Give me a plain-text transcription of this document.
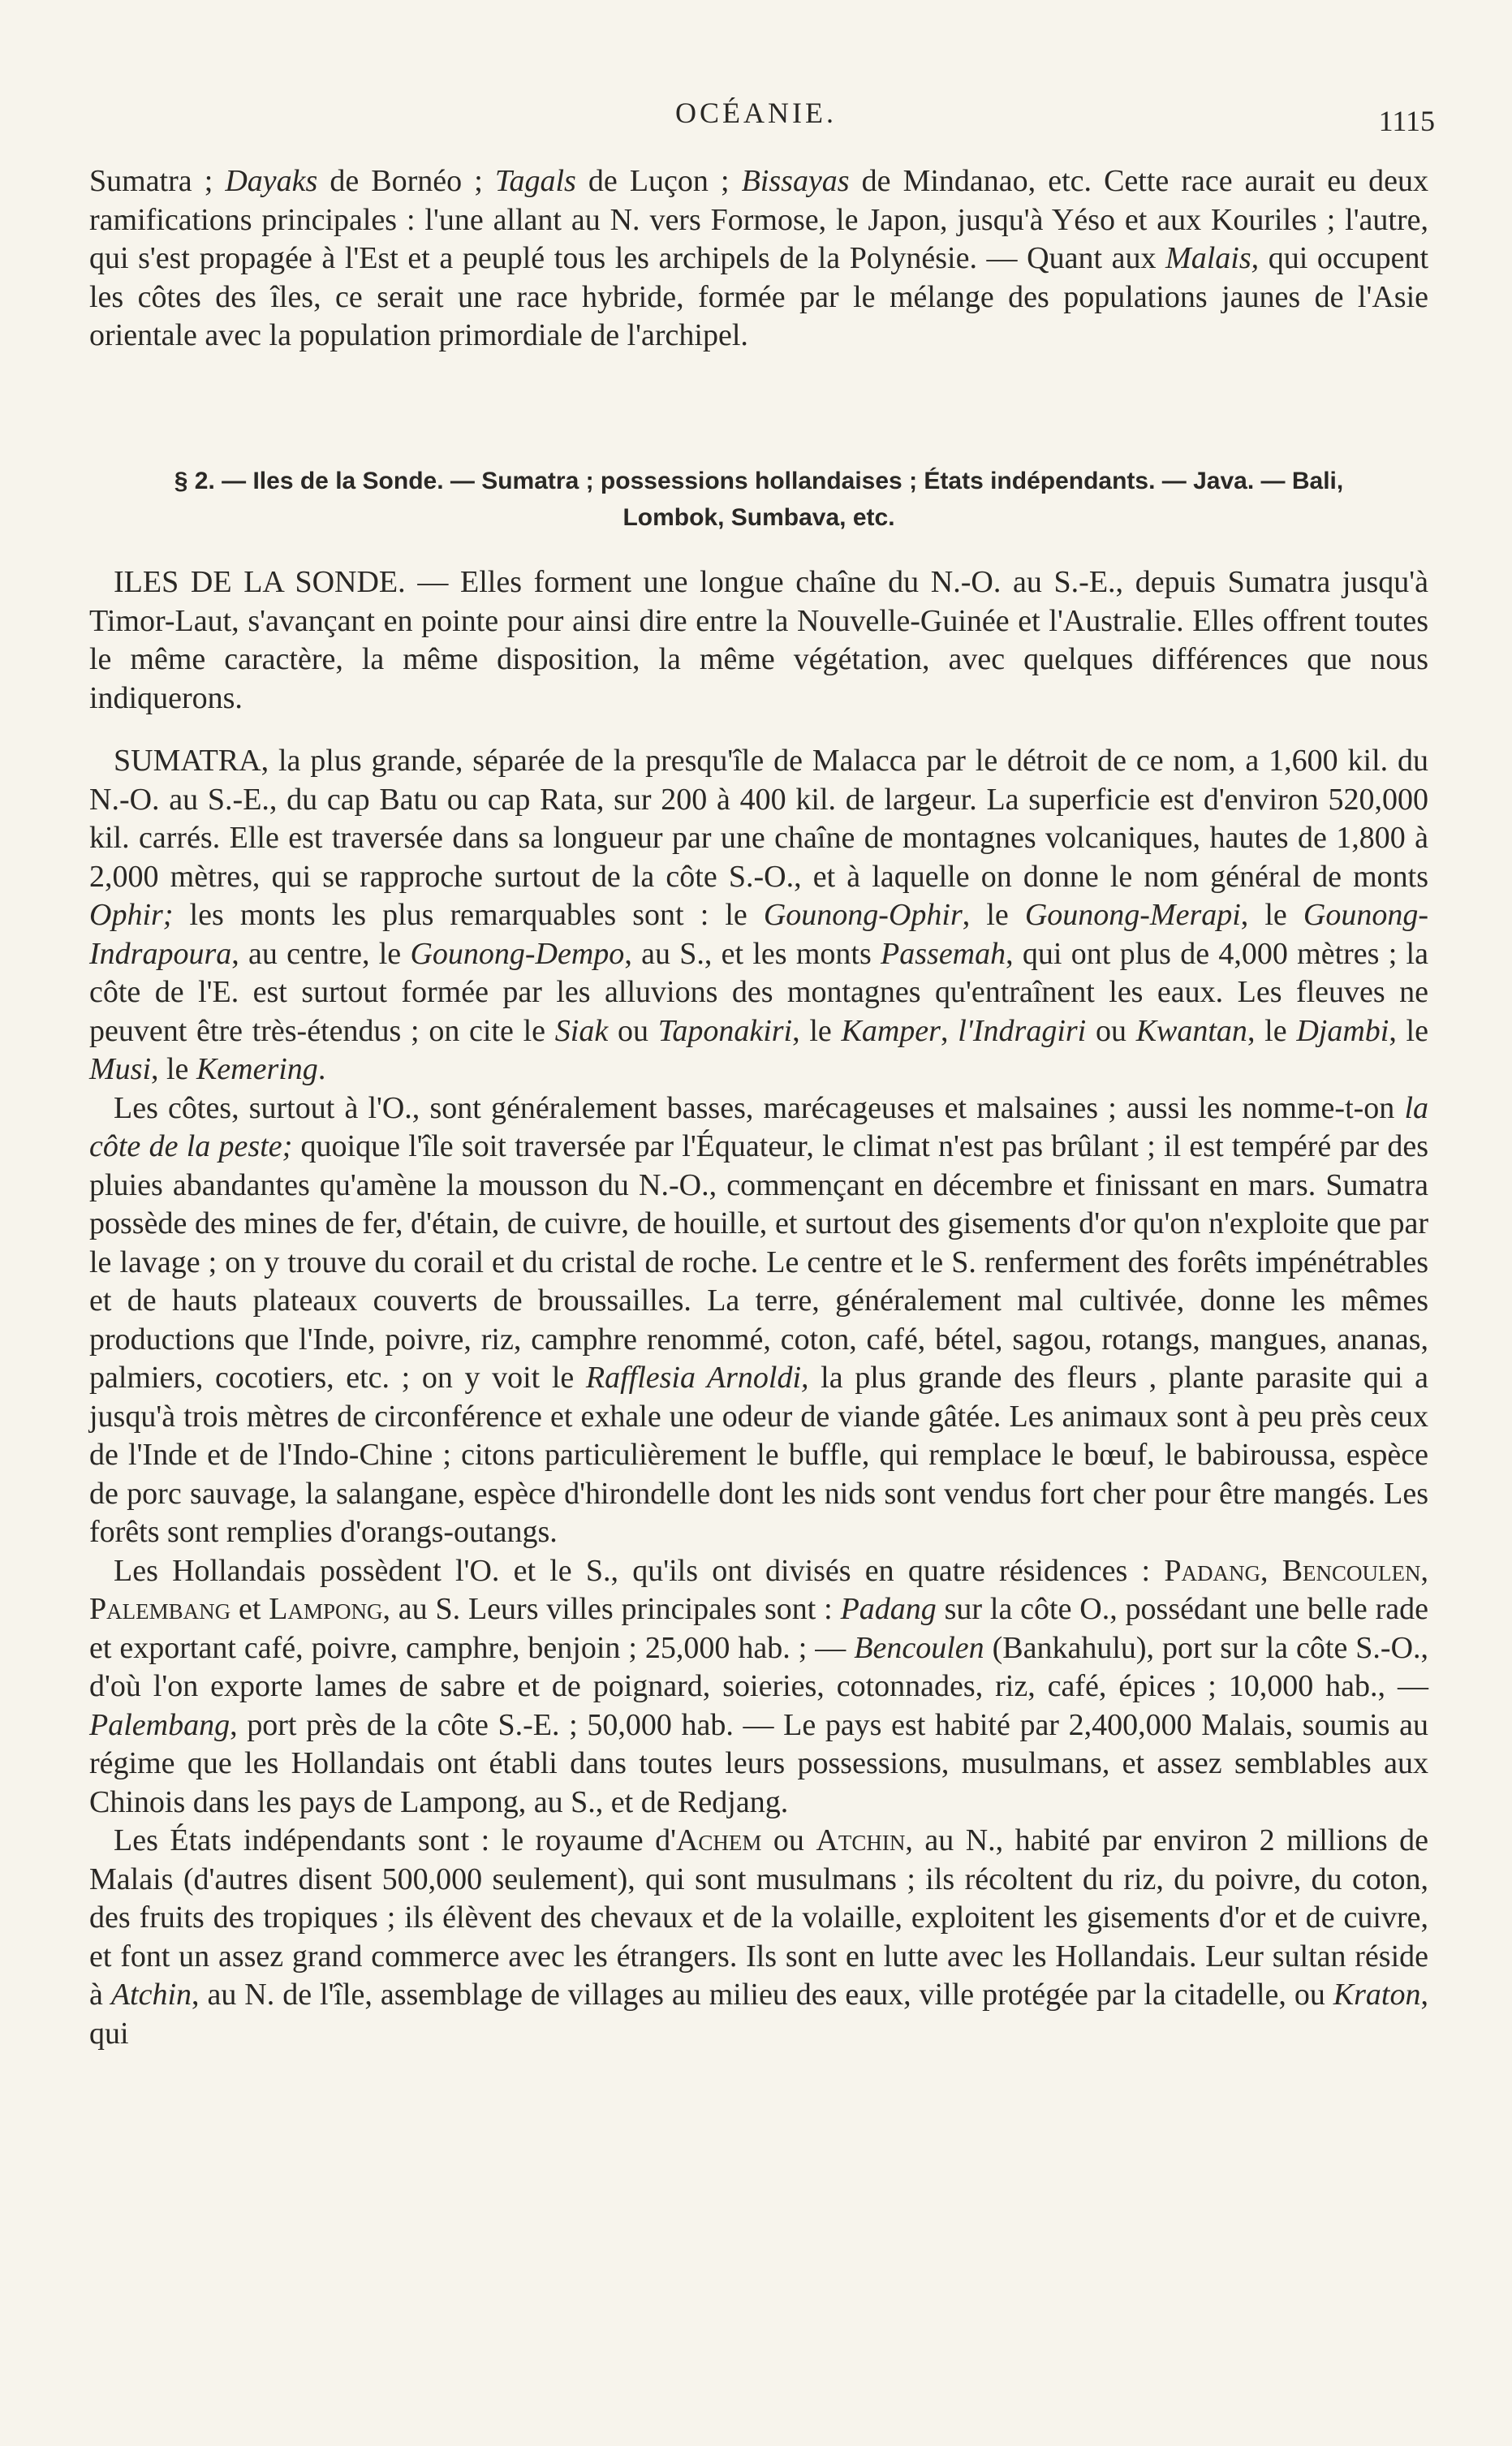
OCÉANIE.	1115

Sumatra ; Dayaks de Bornéo ; Tagals de Luçon ; Bissayas de Mindanao, etc. Cette race aurait eu deux ramifications principales : l'une allant au N. vers Formose, le Japon, jusqu'à Yéso et aux Kouriles ; l'autre, qui s'est propagée à l'Est et a peuplé tous les archipels de la Polynésie. — Quant aux Malais, qui occupent les côtes des îles, ce serait une race hybride, formée par le mélange des populations jaunes de l'Asie orientale avec la population primordiale de l'archipel.

§ 2. — Iles de la Sonde. — Sumatra ; possessions hollandaises ; États indépendants. — Java. — Bali,
Lombok, Sumbava, etc.

ILES DE LA SONDE. — Elles forment une longue chaîne du N.-O. au S.-E., depuis Sumatra jusqu'à Timor-Laut, s'avançant en pointe pour ainsi dire entre la Nouvelle-Guinée et l'Australie. Elles offrent toutes le même caractère, la même disposition, la même végétation, avec quelques différences que nous indiquerons.

SUMATRA, la plus grande, séparée de la presqu'île de Malacca par le détroit de ce nom, a 1,600 kil. du N.-O. au S.-E., du cap Batu ou cap Rata, sur 200 à 400 kil. de largeur. La superficie est d'environ 520,000 kil. carrés. Elle est traversée dans sa longueur par une chaîne de montagnes volcaniques, hautes de 1,800 à 2,000 mètres, qui se rapproche surtout de la côte S.-O., et à laquelle on donne le nom général de monts Ophir; les monts les plus remarquables sont : le Gounong-Ophir, le Gounong-Merapi, le Gounong-Indrapoura, au centre, le Gounong-Dempo, au S., et les monts Passemah, qui ont plus de 4,000 mètres ; la côte de l'E. est surtout formée par les alluvions des montagnes qu'entraînent les eaux. Les fleuves ne peuvent être très-étendus ; on cite le Siak ou Taponakiri, le Kamper, l'Indragiri ou Kwantan, le Djambi, le Musi, le Kemering.

Les côtes, surtout à l'O., sont généralement basses, marécageuses et malsaines ; aussi les nomme-t-on la côte de la peste; quoique l'île soit traversée par l'Équateur, le climat n'est pas brûlant ; il est tempéré par des pluies abandantes qu'amène la mousson du N.-O., commençant en décembre et finissant en mars. Sumatra possède des mines de fer, d'étain, de cuivre, de houille, et surtout des gisements d'or qu'on n'exploite que par le lavage ; on y trouve du corail et du cristal de roche. Le centre et le S. renferment des forêts impénétrables et de hauts plateaux couverts de broussailles. La terre, généralement mal cultivée, donne les mêmes productions que l'Inde, poivre, riz, camphre renommé, coton, café, bétel, sagou, rotangs, mangues, ananas, palmiers, cocotiers, etc. ; on y voit le Rafflesia Arnoldi, la plus grande des fleurs , plante parasite qui a jusqu'à trois mètres de circonférence et exhale une odeur de viande gâtée. Les animaux sont à peu près ceux de l'Inde et de l'Indo-Chine ; citons particulièrement le buffle, qui remplace le bœuf, le babiroussa, espèce de porc sauvage, la salangane, espèce d'hirondelle dont les nids sont vendus fort cher pour être mangés. Les forêts sont remplies d'orangs-outangs.

Les Hollandais possèdent l'O. et le S., qu'ils ont divisés en quatre résidences : Padang, Bencoulen, Palembang et Lampong, au S. Leurs villes principales sont : Padang sur la côte O., possédant une belle rade et exportant café, poivre, camphre, benjoin ; 25,000 hab. ; — Bencoulen (Bankahulu), port sur la côte S.-O., d'où l'on exporte lames de sabre et de poignard, soieries, cotonnades, riz, café, épices ; 10,000 hab., — Palembang, port près de la côte S.-E. ; 50,000 hab. — Le pays est habité par 2,400,000 Malais, soumis au régime que les Hollandais ont établi dans toutes leurs possessions, musulmans, et assez semblables aux Chinois dans les pays de Lampong, au S., et de Redjang.

Les États indépendants sont : le royaume d'Achem ou Atchin, au N., habité par environ 2 millions de Malais (d'autres disent 500,000 seulement), qui sont musulmans ; ils récoltent du riz, du poivre, du coton, des fruits des tropiques ; ils élèvent des chevaux et de la volaille, exploitent les gisements d'or et de cuivre, et font un assez grand commerce avec les étrangers. Ils sont en lutte avec les Hollandais. Leur sultan réside à Atchin, au N. de l'île, assemblage de villages au milieu des eaux, ville protégée par la citadelle, ou Kraton, qui
